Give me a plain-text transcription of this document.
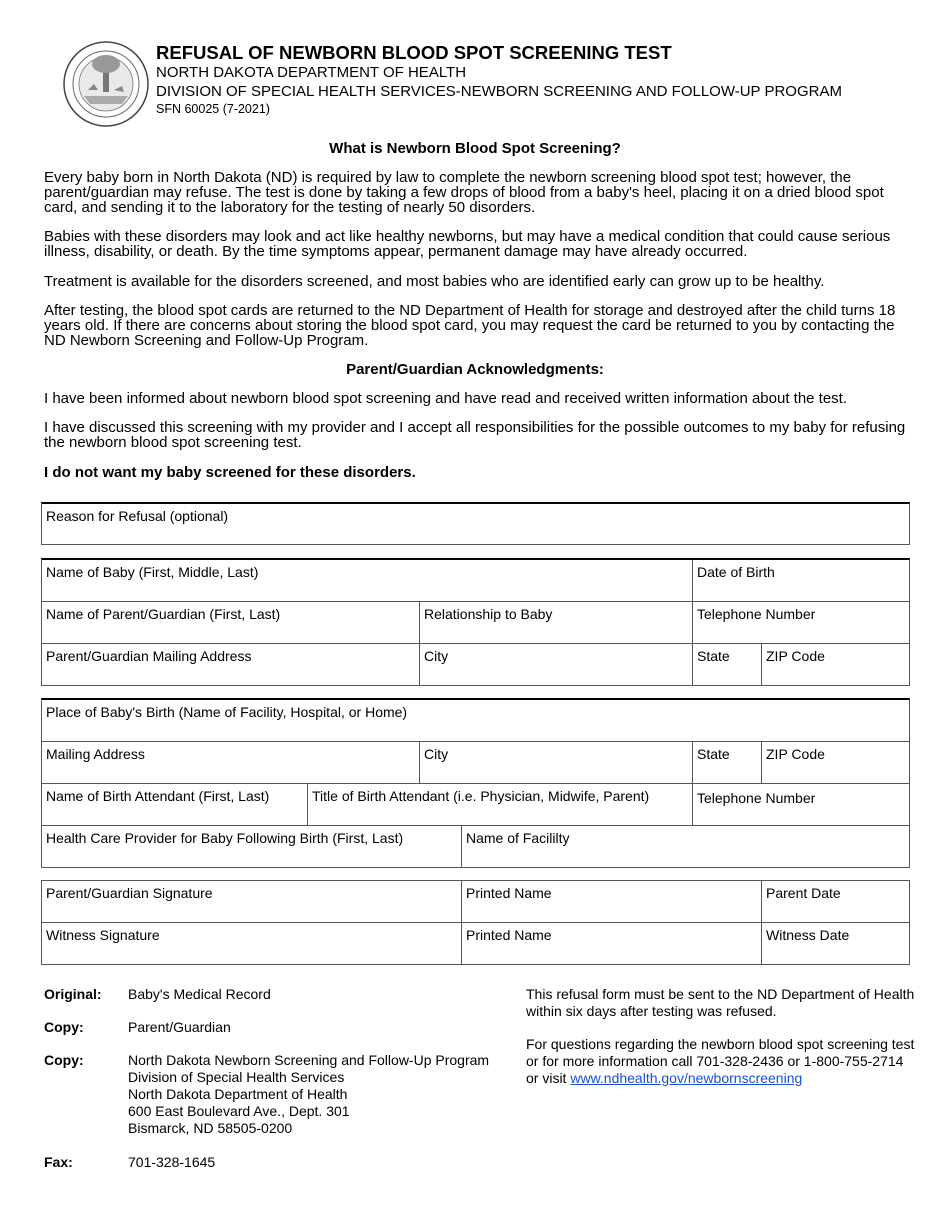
REFUSAL OF NEWBORN BLOOD SPOT SCREENING TEST
NORTH DAKOTA DEPARTMENT OF HEALTH
DIVISION OF SPECIAL HEALTH SERVICES-NEWBORN SCREENING AND FOLLOW-UP PROGRAM
SFN 60025 (7-2021)
What is Newborn Blood Spot Screening?
Every baby born in North Dakota (ND) is required by law to complete the newborn screening blood spot test; however, the parent/guardian may refuse. The test is done by taking a few drops of blood from a baby's heel, placing it on a dried blood spot card, and sending it to the laboratory for the testing of nearly 50 disorders.
Babies with these disorders may look and act like healthy newborns, but may have a medical condition that could cause serious illness, disability, or death. By the time symptoms appear, permanent damage may have already occurred.
Treatment is available for the disorders screened, and most babies who are identified early can grow up to be healthy.
After testing, the blood spot cards are returned to the ND Department of Health for storage and destroyed after the child turns 18 years old. If there are concerns about storing the blood spot card, you may request the card be returned to you by contacting the ND Newborn Screening and Follow-Up Program.
Parent/Guardian Acknowledgments:
I have been informed about newborn blood spot screening and have read and received written information about the test.
I have discussed this screening with my provider and I accept all responsibilities for the possible outcomes to my baby for refusing the newborn blood spot screening test.
I do not want my baby screened for these disorders.
Reason for Refusal (optional)
Name of Baby (First, Middle, Last)	Date of Birth
Name of Parent/Guardian (First, Last)	Relationship to Baby	Telephone Number
Parent/Guardian Mailing Address	City	State	ZIP Code
Place of Baby's Birth (Name of Facility, Hospital, or Home)
Mailing Address	City	State	ZIP Code
Name of Birth Attendant (First, Last)	Title of Birth Attendant (i.e. Physician, Midwife, Parent)	Telephone Number
Health Care Provider for Baby Following Birth (First, Last)	Name of Facililty
Parent/Guardian Signature	Printed Name	Parent Date
Witness Signature	Printed Name	Witness Date
Original: Baby's Medical Record
Copy:	Parent/Guardian
Copy:	North Dakota Newborn Screening and Follow-Up Program
Division of Special Health Services
North Dakota Department of Health
600 East Boulevard Ave., Dept. 301
Bismarck, ND 58505-0200
Fax:	701-328-1645
This refusal form must be sent to the ND Department of Health within six days after testing was refused.
For questions regarding the newborn blood spot screening test or for more information call 701-328-2436 or 1-800-755-2714 or visit www.ndhealth.gov/newbornscreening
